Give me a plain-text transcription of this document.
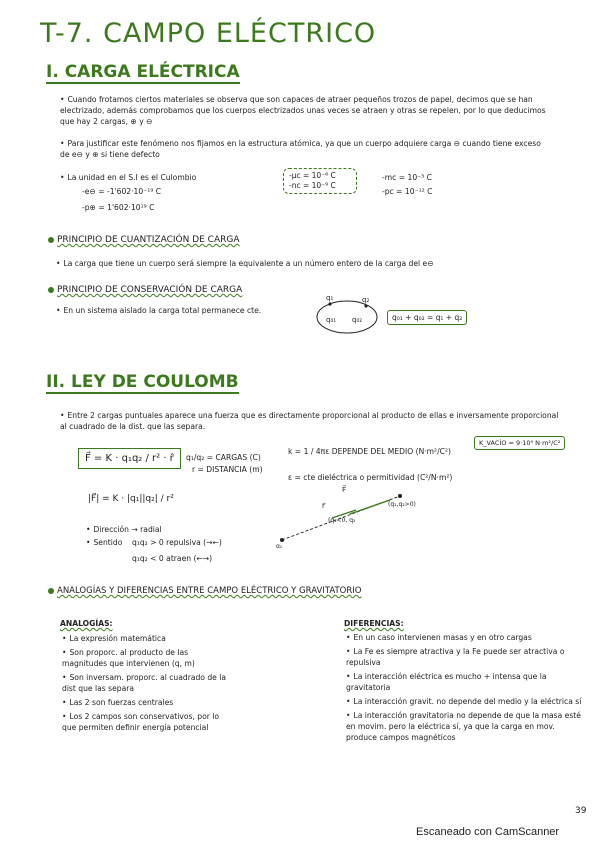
T-7. CAMPO ELÉCTRICO
I. CARGA ELÉCTRICA
• Cuando frotamos ciertos materiales se observa que son capaces de atraer pequeños trozos de papel, decimos que se han electrizado, además comprobamos que los cuerpos electrizados unas veces se atraen y otras se repelen, por lo que deducimos que hay 2 cargas, ⊕ y ⊖
• Para justificar este fenómeno nos fijamos en la estructura atómica, ya que un cuerpo adquiere carga ⊖ cuando tiene exceso de e⊖ y ⊕ si tiene defecto
• La unidad en el S.I es el Culombio
-e⊖ = -1'602·10⁻¹⁹ C
-p⊕ = 1'602·10¹⁹ C
-μc = 10⁻⁶ C
-nc = 10⁻⁹ C
-mc = 10⁻³ C
-pc = 10⁻¹² C
PRINCIPIO DE CUANTIZACIÓN DE CARGA
• La carga que tiene un cuerpo será siempre la equivalente a un número entero de la carga del e⊖
PRINCIPIO DE CONSERVACIÓN DE CARGA
• En un sistema aislado la carga total permanece cte.
q₁	q₂
q₀₁ q₀₂	q₀₁ + q₀₂ = q₁ + q₂
II. LEY DE COULOMB
• Entre 2 cargas puntuales aparece una fuerza que es directamente proporcional al producto de ellas e inversamente proporcional al cuadrado de la dist. que las separa.
K_VACÍO = 9·10⁹ N·m²/C²
F⃗ = K · q₁q₂ / r² · r̂	q₁/q₂ = CARGAS (C)
r = DISTANCIA (m)
k = 1 / 4πε DEPENDE DEL MEDIO (N·m²/C²)
ε = cte dieléctrica o permitividad (C²/N·m²)
|F⃗| = K · |q₁||q₂| / r²
• Dirección → radial
• Sentido q₁q₂ > 0 repulsiva (→←)
q₁q₂ < 0 atraen (←→)
F⃗
r⃗
(q₁<0, q₂
(q₁,q₂>0)
q₁
ANALOGÍAS Y DIFERENCIAS ENTRE CAMPO ELÉCTRICO Y GRAVITATORIO
ANALOGÍAS:
• La expresión matemática
• Son proporc. al producto de las magnitudes que intervienen (q, m)
• Son inversam. proporc. al cuadrado de la dist que las separa
• Las 2 son fuerzas centrales
• Los 2 campos son conservativos, por lo que permiten definir energía potencial
DIFERENCIAS:
• En un caso intervienen masas y en otro cargas
• La Fe es siempre atractiva y la Fe puede ser atractiva o repulsiva
• La interacción eléctrica es mucho + intensa que la gravitatoria
• La interacción gravit. no depende del medio y la eléctrica sí
• La interacción gravitatoria no depende de que la masa esté en movim. pero la eléctrica sí, ya que la carga en mov. produce campos magnéticos
39
Escaneado con CamScanner
